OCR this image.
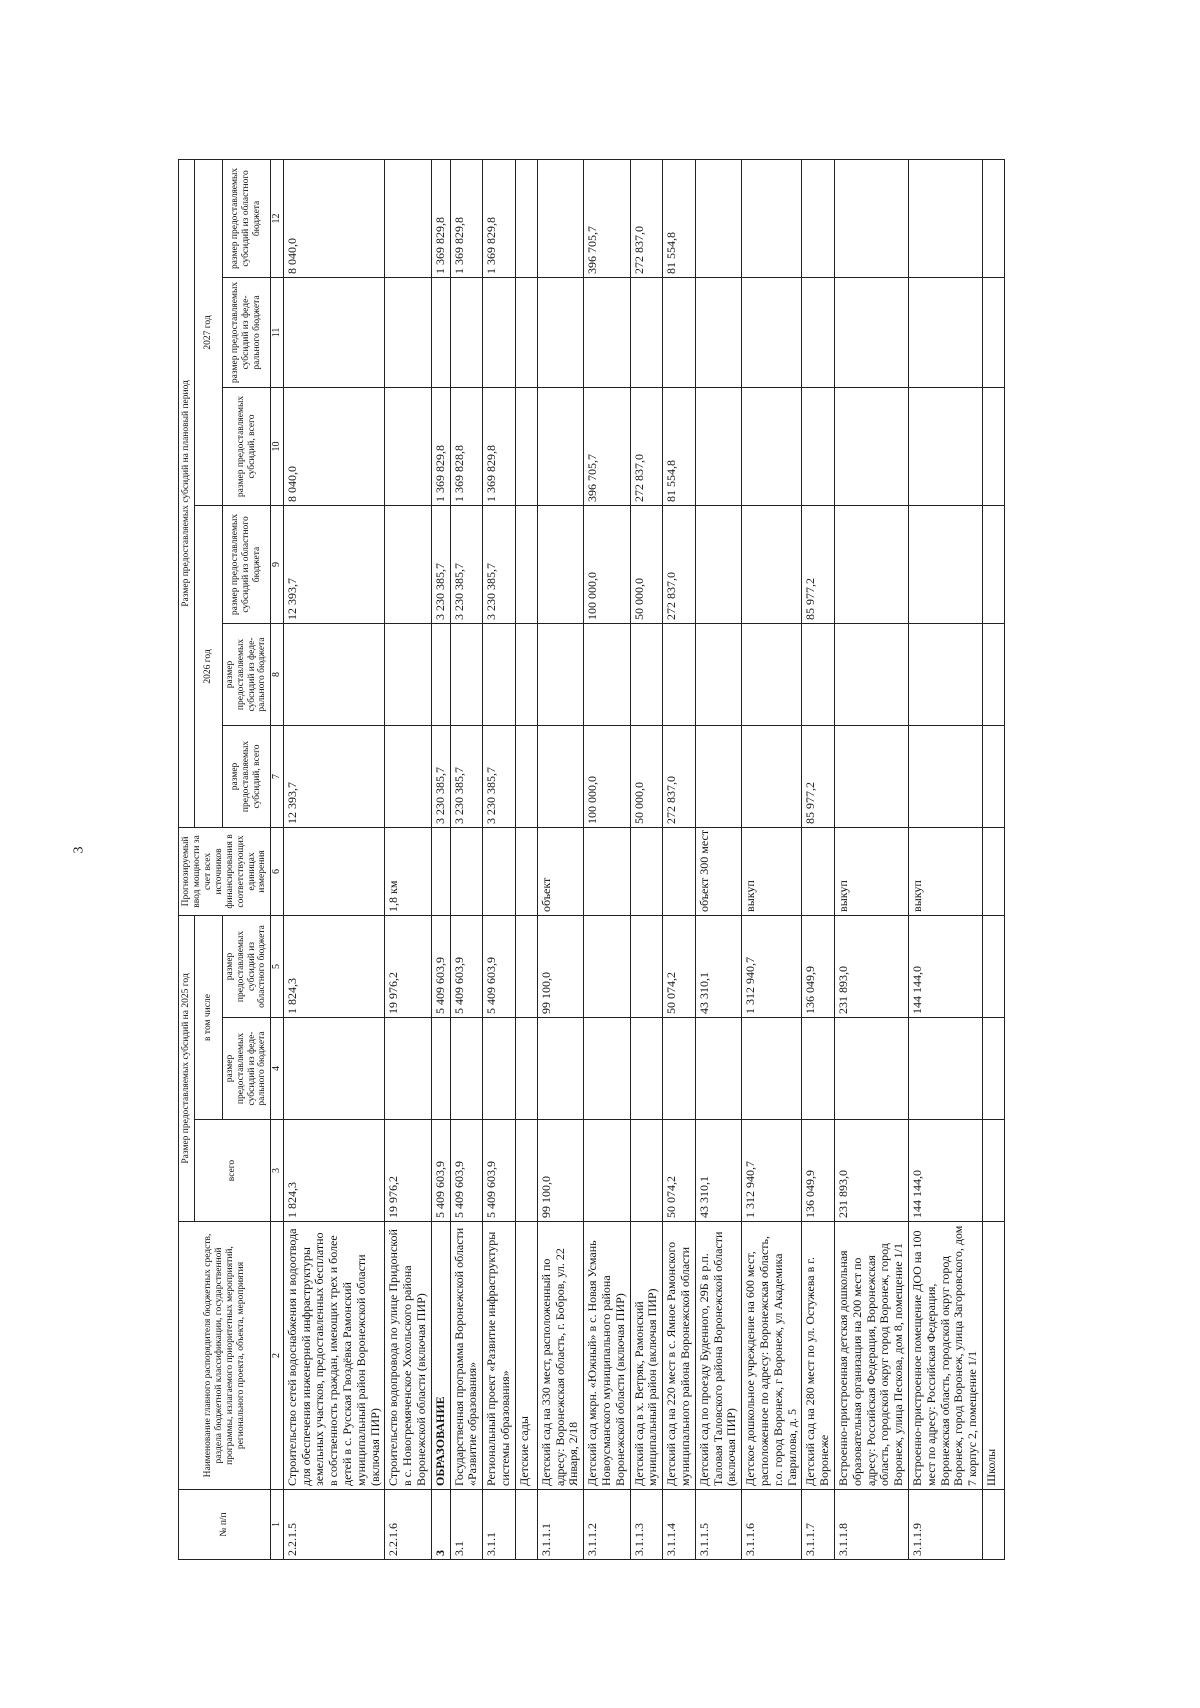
3
№ п/п	Наименование главного распорядителя бюджетных средств, раздела бюджетной классификации, государственной программы, излагаемого приоритетных мероприятий, регионального проекта, объекта, мероприятия	Размер предоставляемых субсидий на 2025 год			Прогнозируемый ввод мощности за счет всех источников финансирования в соответствующих единицах измерения	Размер предоставляемых субсидий на плановый период					
		всего	в том числе			2026 год			2027 год		
			размер предоставляемых субсидий из феде-рального бюджета	размер предоставляемых субсидий из областного бюджета		размер предоставляемых субсидий, всего	размер предоставляемых субсидий из феде-рального бюджета	размер предоставляемых субсидий из областного бюджета	размер предоставляемых субсидий, всего	размер предоставляемых субсидий из феде-рального бюджета	размер предоставляемых субсидий из областного бюджета
1	2	3	4	5	6	7	8	9	10	11	12
2.2.1.5	Строительство сетей водоснабжения и водоотвода для обеспечения инженерной инфраструктуры земельных участков, предоставленных бесплатно в собственность граждан, имеющих трех и более детей в с. Русская Гвоздёвка Рамонский муниципальный район Воронежской области (включая ПИР)	1 824,3		1 824,3		12 393,7		12 393,7	8 040,0		8 040,0
2.2.1.6	Строительство водопровода по улице Придонской в с. Новогремяченское Хохольского района Воронежской области (включая ПИР)	19 976,2		19 976,2	1,8 км						
3	ОБРАЗОВАНИЕ	5 409 603,9		5 409 603,9		3 230 385,7		3 230 385,7	1 369 829,8		1 369 829,8
3.1	Государственная программа Воронежской области «Развитие образования»	5 409 603,9		5 409 603,9		3 230 385,7		3 230 385,7	1 369 828,8		1 369 829,8
3.1.1	Региональный проект «Развитие инфраструктуры системы образования»	5 409 603,9		5 409 603,9		3 230 385,7		3 230 385,7	1 369 829,8		1 369 829,8
	Детские сады										
3.1.1.1	Детский сад на 330 мест, расположенный по адресу: Воронежская область, г. Бобров, ул. 22 Января, 2/18	99 100,0		99 100,0	объект						
3.1.1.2	Детский сад мкрн. «Южный» в с. Новая Усмань Новоусманского муниципального района Воронежской области (включая ПИР)					100 000,0		100 000,0	396 705,7		396 705,7
3.1.1.3	Детский сад в х. Ветряк, Рамонский муниципальный район (включая ПИР)					50 000,0		50 000,0	272 837,0		272 837,0
3.1.1.4	Детский сад на 220 мест в с. Ямное Рамонского муниципального района Воронежской области	50 074,2		50 074,2		272 837,0		272 837,0	81 554,8		81 554,8
3.1.1.5	Детский сад по проезду Буденного, 29Б в р.п. Таловая Таловского района Воронежской области (включая ПИР)	43 310,1		43 310,1	объект 300 мест						
3.1.1.6	Детское дошкольное учреждение на 600 мест, расположенное по адресу: Воронежская область, г.о. город Воронеж, г Воронеж, ул Академика Гаврилова, д. 5	1 312 940,7		1 312 940,7	выкуп						
3.1.1.7	Детский сад на 280 мест по ул. Остужева в г. Воронеже	136 049,9		136 049,9		85 977,2		85 977,2			
3.1.1.8	Встроенно-пристроенная детская дошкольная образовательная организация на 200 мест по адресу: Российская Федерация, Воронежская область, городской округ город Воронеж, город Воронеж, улица Пескова, дом 8, помещение 1/1	231 893,0		231 893,0	выкуп						
3.1.1.9	Встроенно-пристроенное помещение ДОО на 100 мест по адресу: Российская Федерация, Воронежская область, городской округ город Воронеж, город Воронеж, улица Загоровского, дом 7 корпус 2, помещение 1/1	144 144,0		144 144,0	выкуп						
	Школы										
